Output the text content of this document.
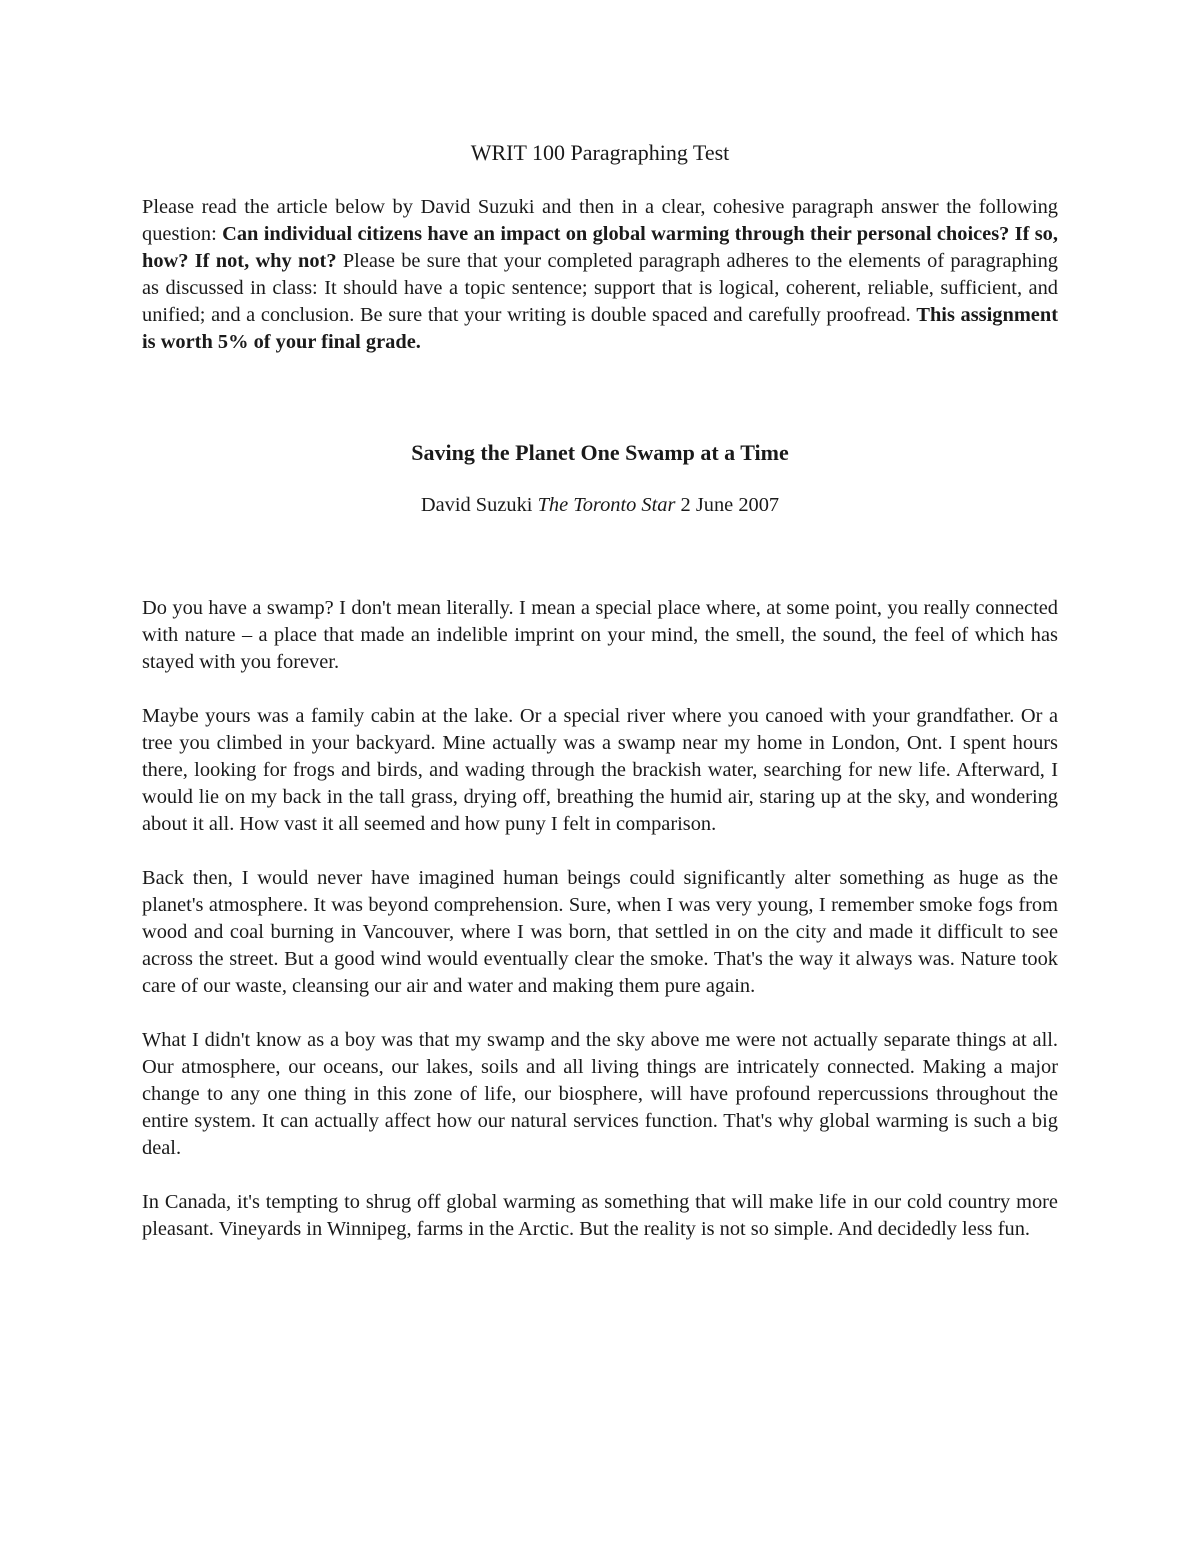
WRIT 100 Paragraphing Test

Please read the article below by David Suzuki and then in a clear, cohesive paragraph answer the following question: Can individual citizens have an impact on global warming through their personal choices? If so, how? If not, why not? Please be sure that your completed paragraph adheres to the elements of paragraphing as discussed in class: It should have a topic sentence; support that is logical, coherent, reliable, sufficient, and unified; and a conclusion. Be sure that your writing is double spaced and carefully proofread. This assignment is worth 5% of your final grade.

Saving the Planet One Swamp at a Time

David Suzuki The Toronto Star 2 June 2007

Do you have a swamp? I don't mean literally. I mean a special place where, at some point, you really connected with nature – a place that made an indelible imprint on your mind, the smell, the sound, the feel of which has stayed with you forever.

Maybe yours was a family cabin at the lake. Or a special river where you canoed with your grandfather. Or a tree you climbed in your backyard. Mine actually was a swamp near my home in London, Ont. I spent hours there, looking for frogs and birds, and wading through the brackish water, searching for new life. Afterward, I would lie on my back in the tall grass, drying off, breathing the humid air, staring up at the sky, and wondering about it all. How vast it all seemed and how puny I felt in comparison.

Back then, I would never have imagined human beings could significantly alter something as huge as the planet's atmosphere. It was beyond comprehension. Sure, when I was very young, I remember smoke fogs from wood and coal burning in Vancouver, where I was born, that settled in on the city and made it difficult to see across the street. But a good wind would eventually clear the smoke. That's the way it always was. Nature took care of our waste, cleansing our air and water and making them pure again.

What I didn't know as a boy was that my swamp and the sky above me were not actually separate things at all. Our atmosphere, our oceans, our lakes, soils and all living things are intricately connected. Making a major change to any one thing in this zone of life, our biosphere, will have profound repercussions throughout the entire system. It can actually affect how our natural services function. That's why global warming is such a big deal.

In Canada, it's tempting to shrug off global warming as something that will make life in our cold country more pleasant. Vineyards in Winnipeg, farms in the Arctic. But the reality is not so simple. And decidedly less fun.
